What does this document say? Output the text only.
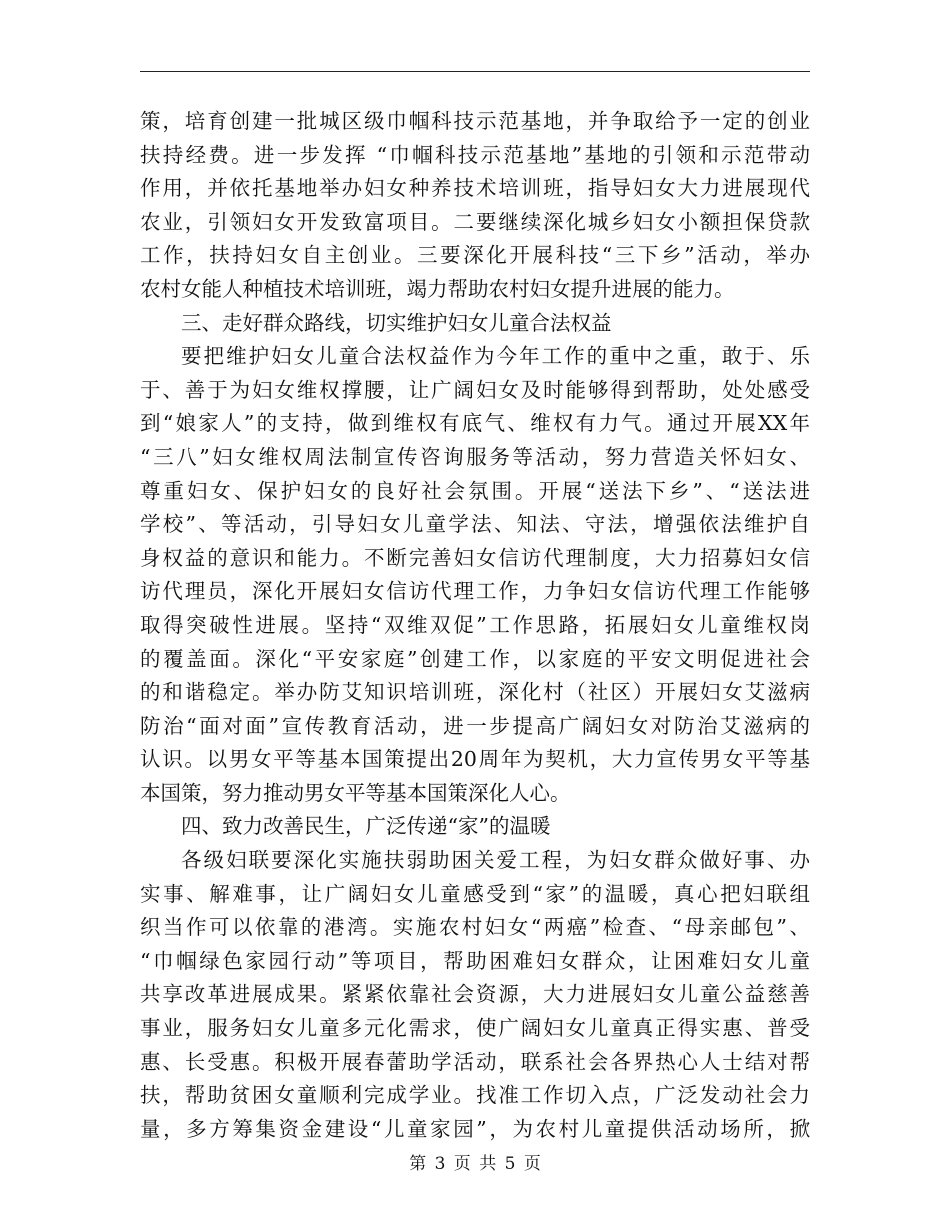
策，培育创建一批城区级巾帼科技示范基地，并争取给予一定的创业
扶持经费。进一步发挥 “巾帼科技示范基地”基地的引领和示范带动
作用，并依托基地举办妇女种养技术培训班，指导妇女大力进展现代
农业，引领妇女开发致富项目。二要继续深化城乡妇女小额担保贷款
工作，扶持妇女自主创业。三要深化开展科技“三下乡”活动，举办
农村女能人种植技术培训班，竭力帮助农村妇女提升进展的能力。
三、走好群众路线，切实维护妇女儿童合法权益
要把维护妇女儿童合法权益作为今年工作的重中之重，敢于、乐
于、善于为妇女维权撑腰，让广阔妇女及时能够得到帮助，处处感受
到“娘家人”的支持，做到维权有底气、维权有力气。通过开展XX年
“三八”妇女维权周法制宣传咨询服务等活动，努力营造关怀妇女、
尊重妇女、保护妇女的良好社会氛围。开展“送法下乡”、“送法进
学校”、等活动，引导妇女儿童学法、知法、守法，增强依法维护自
身权益的意识和能力。不断完善妇女信访代理制度，大力招募妇女信
访代理员，深化开展妇女信访代理工作，力争妇女信访代理工作能够
取得突破性进展。坚持“双维双促”工作思路，拓展妇女儿童维权岗
的覆盖面。深化“平安家庭”创建工作，以家庭的平安文明促进社会
的和谐稳定。举办防艾知识培训班，深化村（社区）开展妇女艾滋病
防治“面对面”宣传教育活动，进一步提高广阔妇女对防治艾滋病的
认识。以男女平等基本国策提出20周年为契机，大力宣传男女平等基
本国策，努力推动男女平等基本国策深化人心。
四、致力改善民生，广泛传递“家”的温暖
各级妇联要深化实施扶弱助困关爱工程，为妇女群众做好事、办
实事、解难事，让广阔妇女儿童感受到“家”的温暖，真心把妇联组
织当作可以依靠的港湾。实施农村妇女“两癌”检查、“母亲邮包”、
“巾帼绿色家园行动”等项目，帮助困难妇女群众，让困难妇女儿童
共享改革进展成果。紧紧依靠社会资源，大力进展妇女儿童公益慈善
事业，服务妇女儿童多元化需求，使广阔妇女儿童真正得实惠、普受
惠、长受惠。积极开展春蕾助学活动，联系社会各界热心人士结对帮
扶，帮助贫困女童顺利完成学业。找准工作切入点，广泛发动社会力
量，多方筹集资金建设“儿童家园”，为农村儿童提供活动场所，掀
第 3 页 共 5 页
